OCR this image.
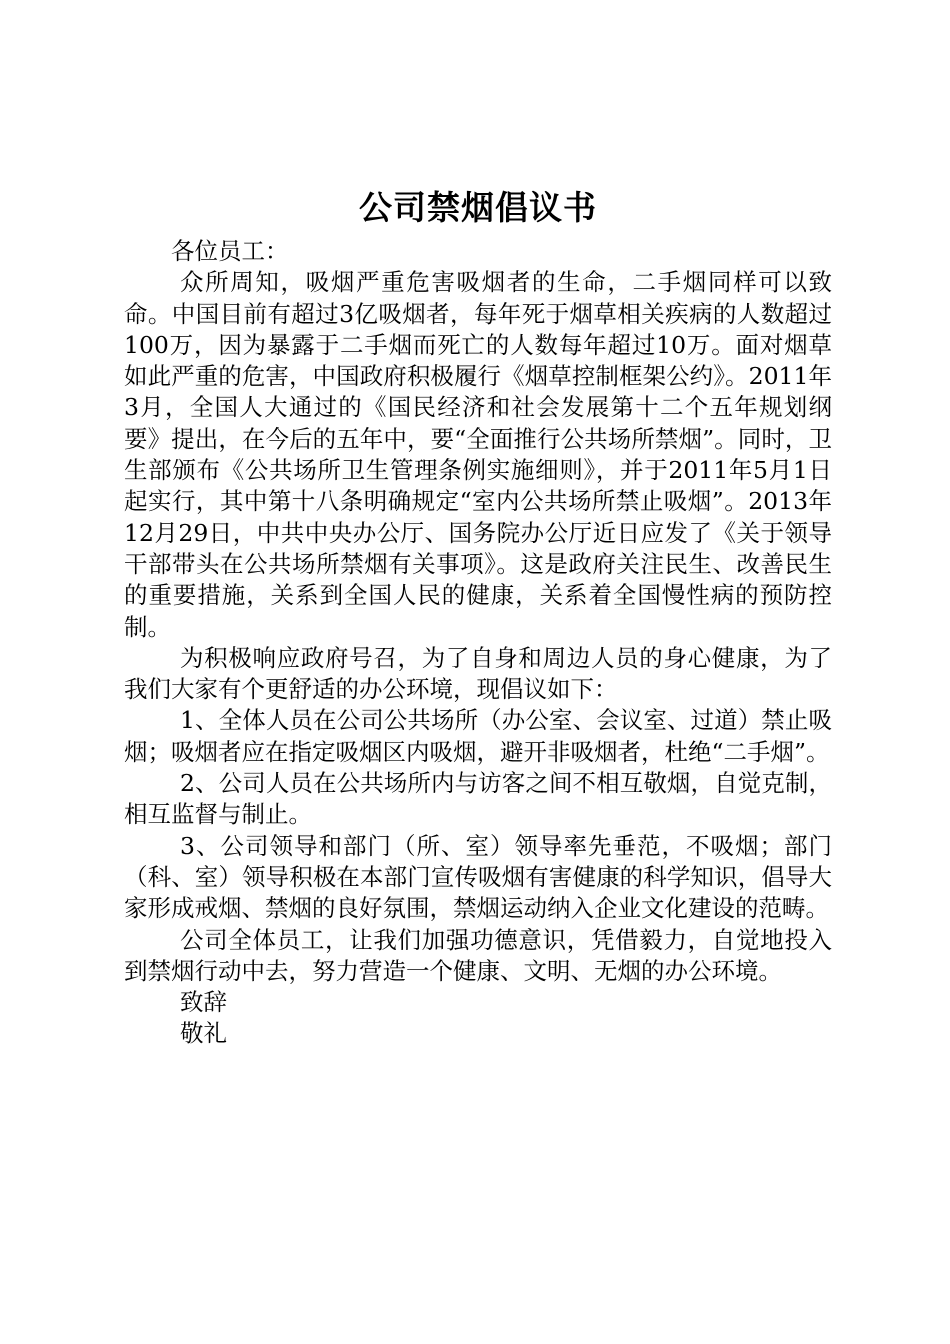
公司禁烟倡议书

各位员工：

众所周知，吸烟严重危害吸烟者的生命，二手烟同样可以致命。中国目前有超过3亿吸烟者，每年死于烟草相关疾病的人数超过100万，因为暴露于二手烟而死亡的人数每年超过10万。面对烟草如此严重的危害，中国政府积极履行《烟草控制框架公约》。2011年3月，全国人大通过的《国民经济和社会发展第十二个五年规划纲要》提出，在今后的五年中，要“全面推行公共场所禁烟”。同时，卫生部颁布《公共场所卫生管理条例实施细则》，并于2011年5月1日起实行，其中第十八条明确规定“室内公共场所禁止吸烟”。2013年12月29日，中共中央办公厅、国务院办公厅近日应发了《关于领导干部带头在公共场所禁烟有关事项》。这是政府关注民生、改善民生的重要措施，关系到全国人民的健康，关系着全国慢性病的预防控制。

为积极响应政府号召，为了自身和周边人员的身心健康，为了我们大家有个更舒适的办公环境，现倡议如下：

1、全体人员在公司公共场所（办公室、会议室、过道）禁止吸烟；吸烟者应在指定吸烟区内吸烟，避开非吸烟者，杜绝“二手烟”。

2、公司人员在公共场所内与访客之间不相互敬烟，自觉克制，相互监督与制止。

3、公司领导和部门（所、室）领导率先垂范，不吸烟；部门（科、室）领导积极在本部门宣传吸烟有害健康的科学知识，倡导大家形成戒烟、禁烟的良好氛围，禁烟运动纳入企业文化建设的范畴。

公司全体员工，让我们加强功德意识，凭借毅力，自觉地投入到禁烟行动中去，努力营造一个健康、文明、无烟的办公环境。

致辞

敬礼
